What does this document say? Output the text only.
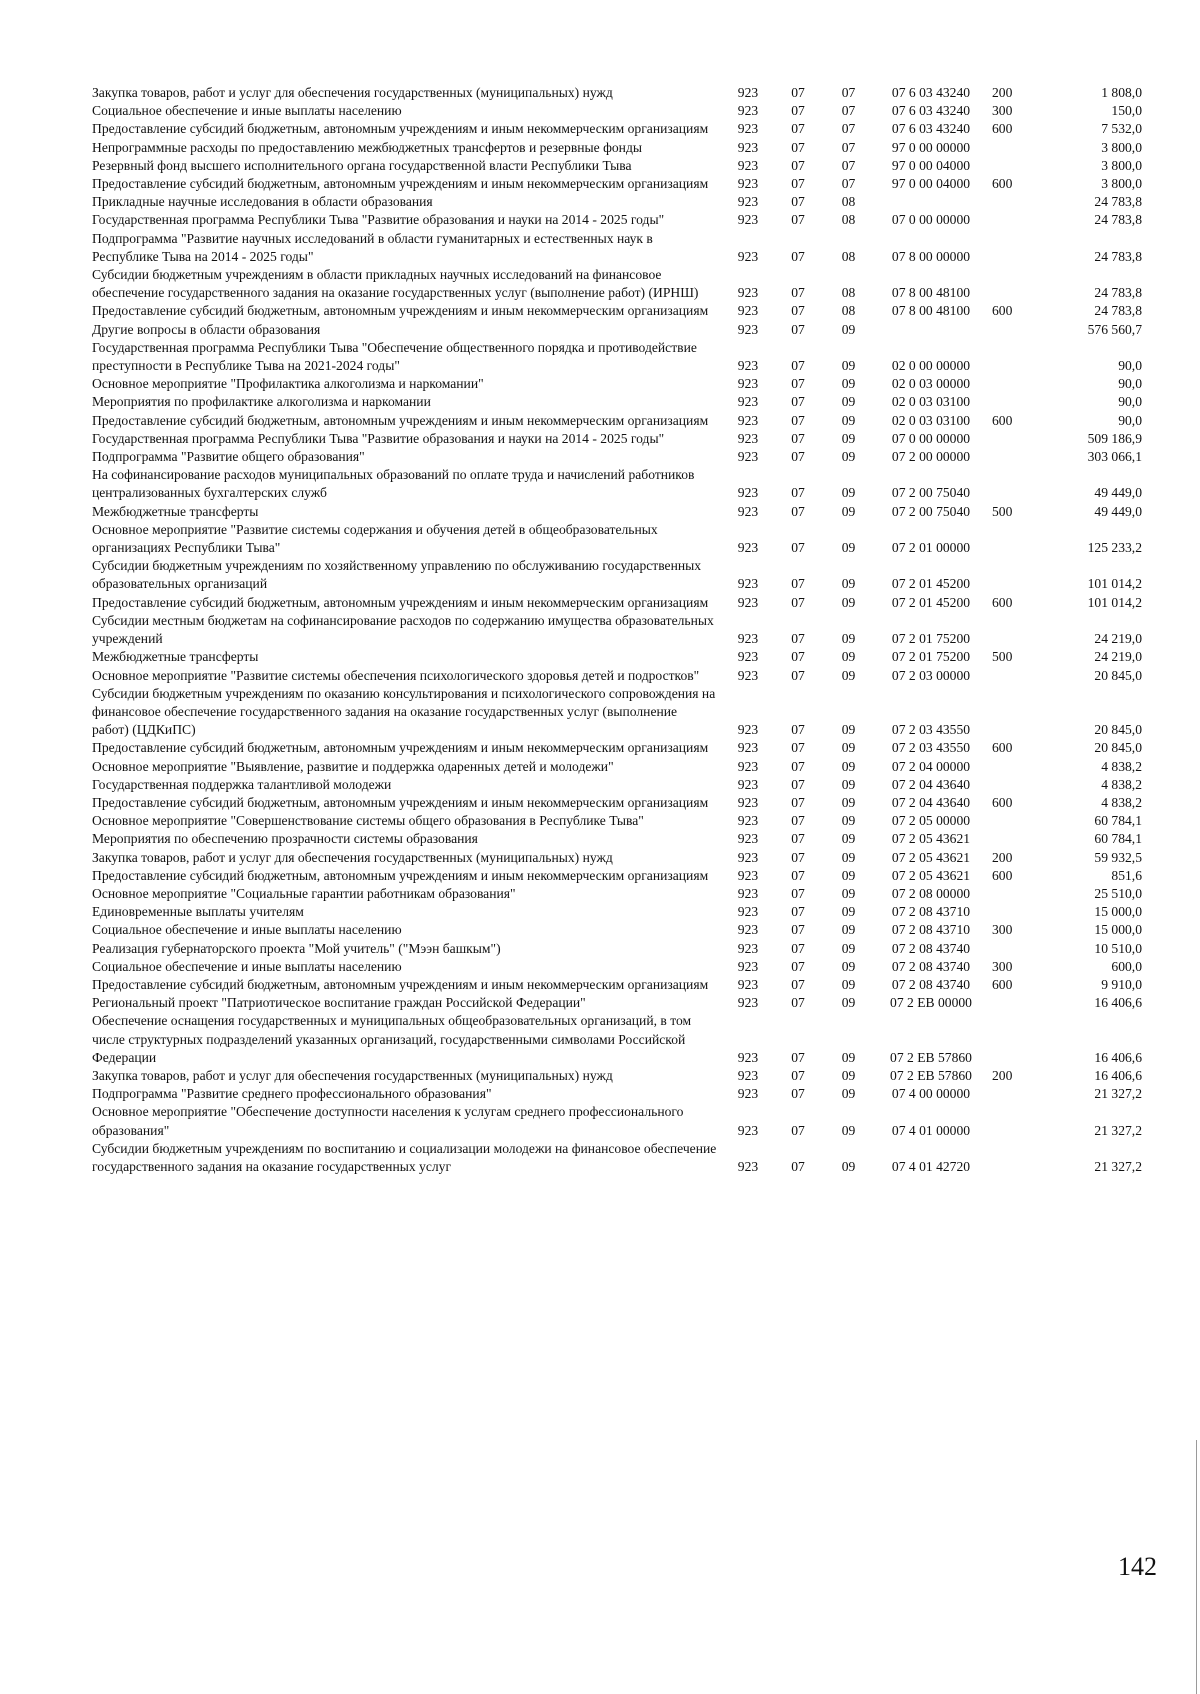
Закупка товаров, работ и услуг для обеспечения государственных (муниципальных) нужд	923	07	07	07 6 03 43240	200	1 808,0
Социальное обеспечение и иные выплаты населению	923	07	07	07 6 03 43240	300	150,0
Предоставление субсидий бюджетным, автономным учреждениям и иным некоммерческим организациям	923	07	07	07 6 03 43240	600	7 532,0
Непрограммные расходы по предоставлению межбюджетных трансфертов и резервные фонды	923	07	07	97 0 00 00000		3 800,0
Резервный фонд высшего исполнительного органа государственной власти Республики Тыва	923	07	07	97 0 00 04000		3 800,0
Предоставление субсидий бюджетным, автономным учреждениям и иным некоммерческим организациям	923	07	07	97 0 00 04000	600	3 800,0
Прикладные научные исследования в области образования	923	07	08			24 783,8
Государственная программа Республики Тыва "Развитие образования и науки на 2014 - 2025 годы"	923	07	08	07 0 00 00000		24 783,8
Подпрограмма "Развитие научных исследований в области гуманитарных и естественных наук в Республике Тыва на 2014 - 2025 годы"	923	07	08	07 8 00 00000		24 783,8
Субсидии бюджетным учреждениям в области прикладных научных исследований на финансовое обеспечение государственного задания на оказание государственных услуг (выполнение работ) (ИРНШ)	923	07	08	07 8 00 48100		24 783,8
Предоставление субсидий бюджетным, автономным учреждениям и иным некоммерческим организациям	923	07	08	07 8 00 48100	600	24 783,8
Другие вопросы в области образования	923	07	09			576 560,7
Государственная программа Республики Тыва "Обеспечение общественного порядка и противодействие преступности в Республике Тыва на 2021-2024 годы"	923	07	09	02 0 00 00000		90,0
Основное мероприятие "Профилактика алкоголизма и наркомании"	923	07	09	02 0 03 00000		90,0
Мероприятия по профилактике алкоголизма и наркомании	923	07	09	02 0 03 03100		90,0
Предоставление субсидий бюджетным, автономным учреждениям и иным некоммерческим организациям	923	07	09	02 0 03 03100	600	90,0
Государственная программа Республики Тыва "Развитие образования и науки на 2014 - 2025 годы"	923	07	09	07 0 00 00000		509 186,9
Подпрограмма "Развитие общего образования"	923	07	09	07 2 00 00000		303 066,1
На софинансирование расходов муниципальных образований по оплате труда и начислений работников централизованных бухгалтерских служб	923	07	09	07 2 00 75040		49 449,0
Межбюджетные трансферты	923	07	09	07 2 00 75040	500	49 449,0
Основное мероприятие "Развитие системы содержания и обучения детей в общеобразовательных организациях Республики Тыва"	923	07	09	07 2 01 00000		125 233,2
Субсидии бюджетным учреждениям по хозяйственному управлению по обслуживанию государственных образовательных организаций	923	07	09	07 2 01 45200		101 014,2
Предоставление субсидий бюджетным, автономным учреждениям и иным некоммерческим организациям	923	07	09	07 2 01 45200	600	101 014,2
Субсидии местным бюджетам на софинансирование расходов по содержанию имущества образовательных учреждений	923	07	09	07 2 01 75200		24 219,0
Межбюджетные трансферты	923	07	09	07 2 01 75200	500	24 219,0
Основное мероприятие "Развитие системы обеспечения психологического здоровья детей и подростков"	923	07	09	07 2 03 00000		20 845,0
Субсидии бюджетным учреждениям по оказанию консультирования и психологического сопровождения на финансовое обеспечение государственного задания на оказание государственных услуг (выполнение работ) (ЦДКиПС)	923	07	09	07 2 03 43550		20 845,0
Предоставление субсидий бюджетным, автономным учреждениям и иным некоммерческим организациям	923	07	09	07 2 03 43550	600	20 845,0
Основное мероприятие "Выявление, развитие и поддержка одаренных детей и молодежи"	923	07	09	07 2 04 00000		4 838,2
Государственная поддержка талантливой молодежи	923	07	09	07 2 04 43640		4 838,2
Предоставление субсидий бюджетным, автономным учреждениям и иным некоммерческим организациям	923	07	09	07 2 04 43640	600	4 838,2
Основное мероприятие "Совершенствование системы общего образования в Республике Тыва"	923	07	09	07 2 05 00000		60 784,1
Мероприятия по обеспечению прозрачности системы образования	923	07	09	07 2 05 43621		60 784,1
Закупка товаров, работ и услуг для обеспечения государственных (муниципальных) нужд	923	07	09	07 2 05 43621	200	59 932,5
Предоставление субсидий бюджетным, автономным учреждениям и иным некоммерческим организациям	923	07	09	07 2 05 43621	600	851,6
Основное мероприятие "Социальные гарантии работникам образования"	923	07	09	07 2 08 00000		25 510,0
Единовременные выплаты учителям	923	07	09	07 2 08 43710		15 000,0
Социальное обеспечение и иные выплаты населению	923	07	09	07 2 08 43710	300	15 000,0
Реализация губернаторского проекта "Мой учитель" ("Мээн башкым")	923	07	09	07 2 08 43740		10 510,0
Социальное обеспечение и иные выплаты населению	923	07	09	07 2 08 43740	300	600,0
Предоставление субсидий бюджетным, автономным учреждениям и иным некоммерческим организациям	923	07	09	07 2 08 43740	600	9 910,0
Региональный проект "Патриотическое воспитание граждан Российской Федерации"	923	07	09	07 2 EB 00000		16 406,6
Обеспечение оснащения государственных и муниципальных общеобразовательных организаций, в том числе структурных подразделений указанных организаций, государственными символами Российской Федерации	923	07	09	07 2 EB 57860		16 406,6
Закупка товаров, работ и услуг для обеспечения государственных (муниципальных) нужд	923	07	09	07 2 EB 57860	200	16 406,6
Подпрограмма "Развитие среднего профессионального образования"	923	07	09	07 4 00 00000		21 327,2
Основное мероприятие "Обеспечение доступности населения к услугам среднего профессионального образования"	923	07	09	07 4 01 00000		21 327,2
Субсидии бюджетным учреждениям по воспитанию и социализации молодежи на финансовое обеспечение государственного задания на оказание государственных услуг	923	07	09	07 4 01 42720		21 327,2
142
